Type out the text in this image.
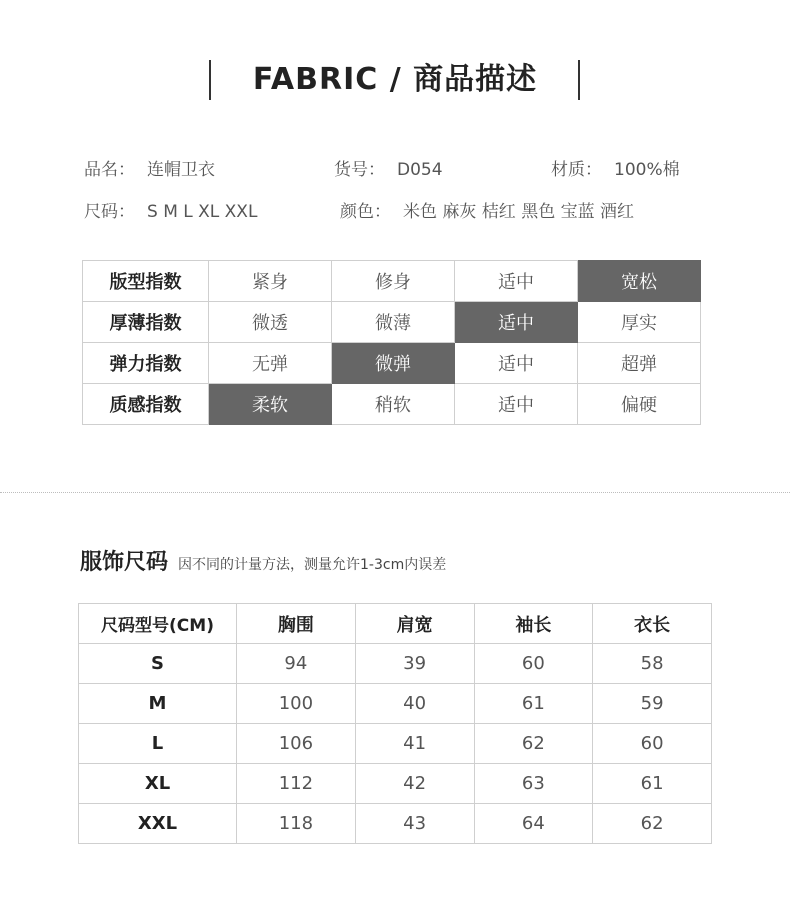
FABRIC / 商品描述
品名： 连帽卫衣	货号： D054	材质： 100%棉
尺码： S M L XL XXL	颜色： 米色 麻灰 桔红 黑色 宝蓝 酒红
版型指数	紧身	修身	适中	宽松
厚薄指数	微透	微薄	适中	厚实
弹力指数	无弹	微弹	适中	超弹
质感指数	柔软	稍软	适中	偏硬
服饰尺码 因不同的计量方法，测量允许1-3cm内误差
尺码型号(CM)	胸围	肩宽	袖长	衣长
S	94	39	60	58
M	100	40	61	59
L	106	41	62	60
XL	112	42	63	61
XXL	118	43	64	62
